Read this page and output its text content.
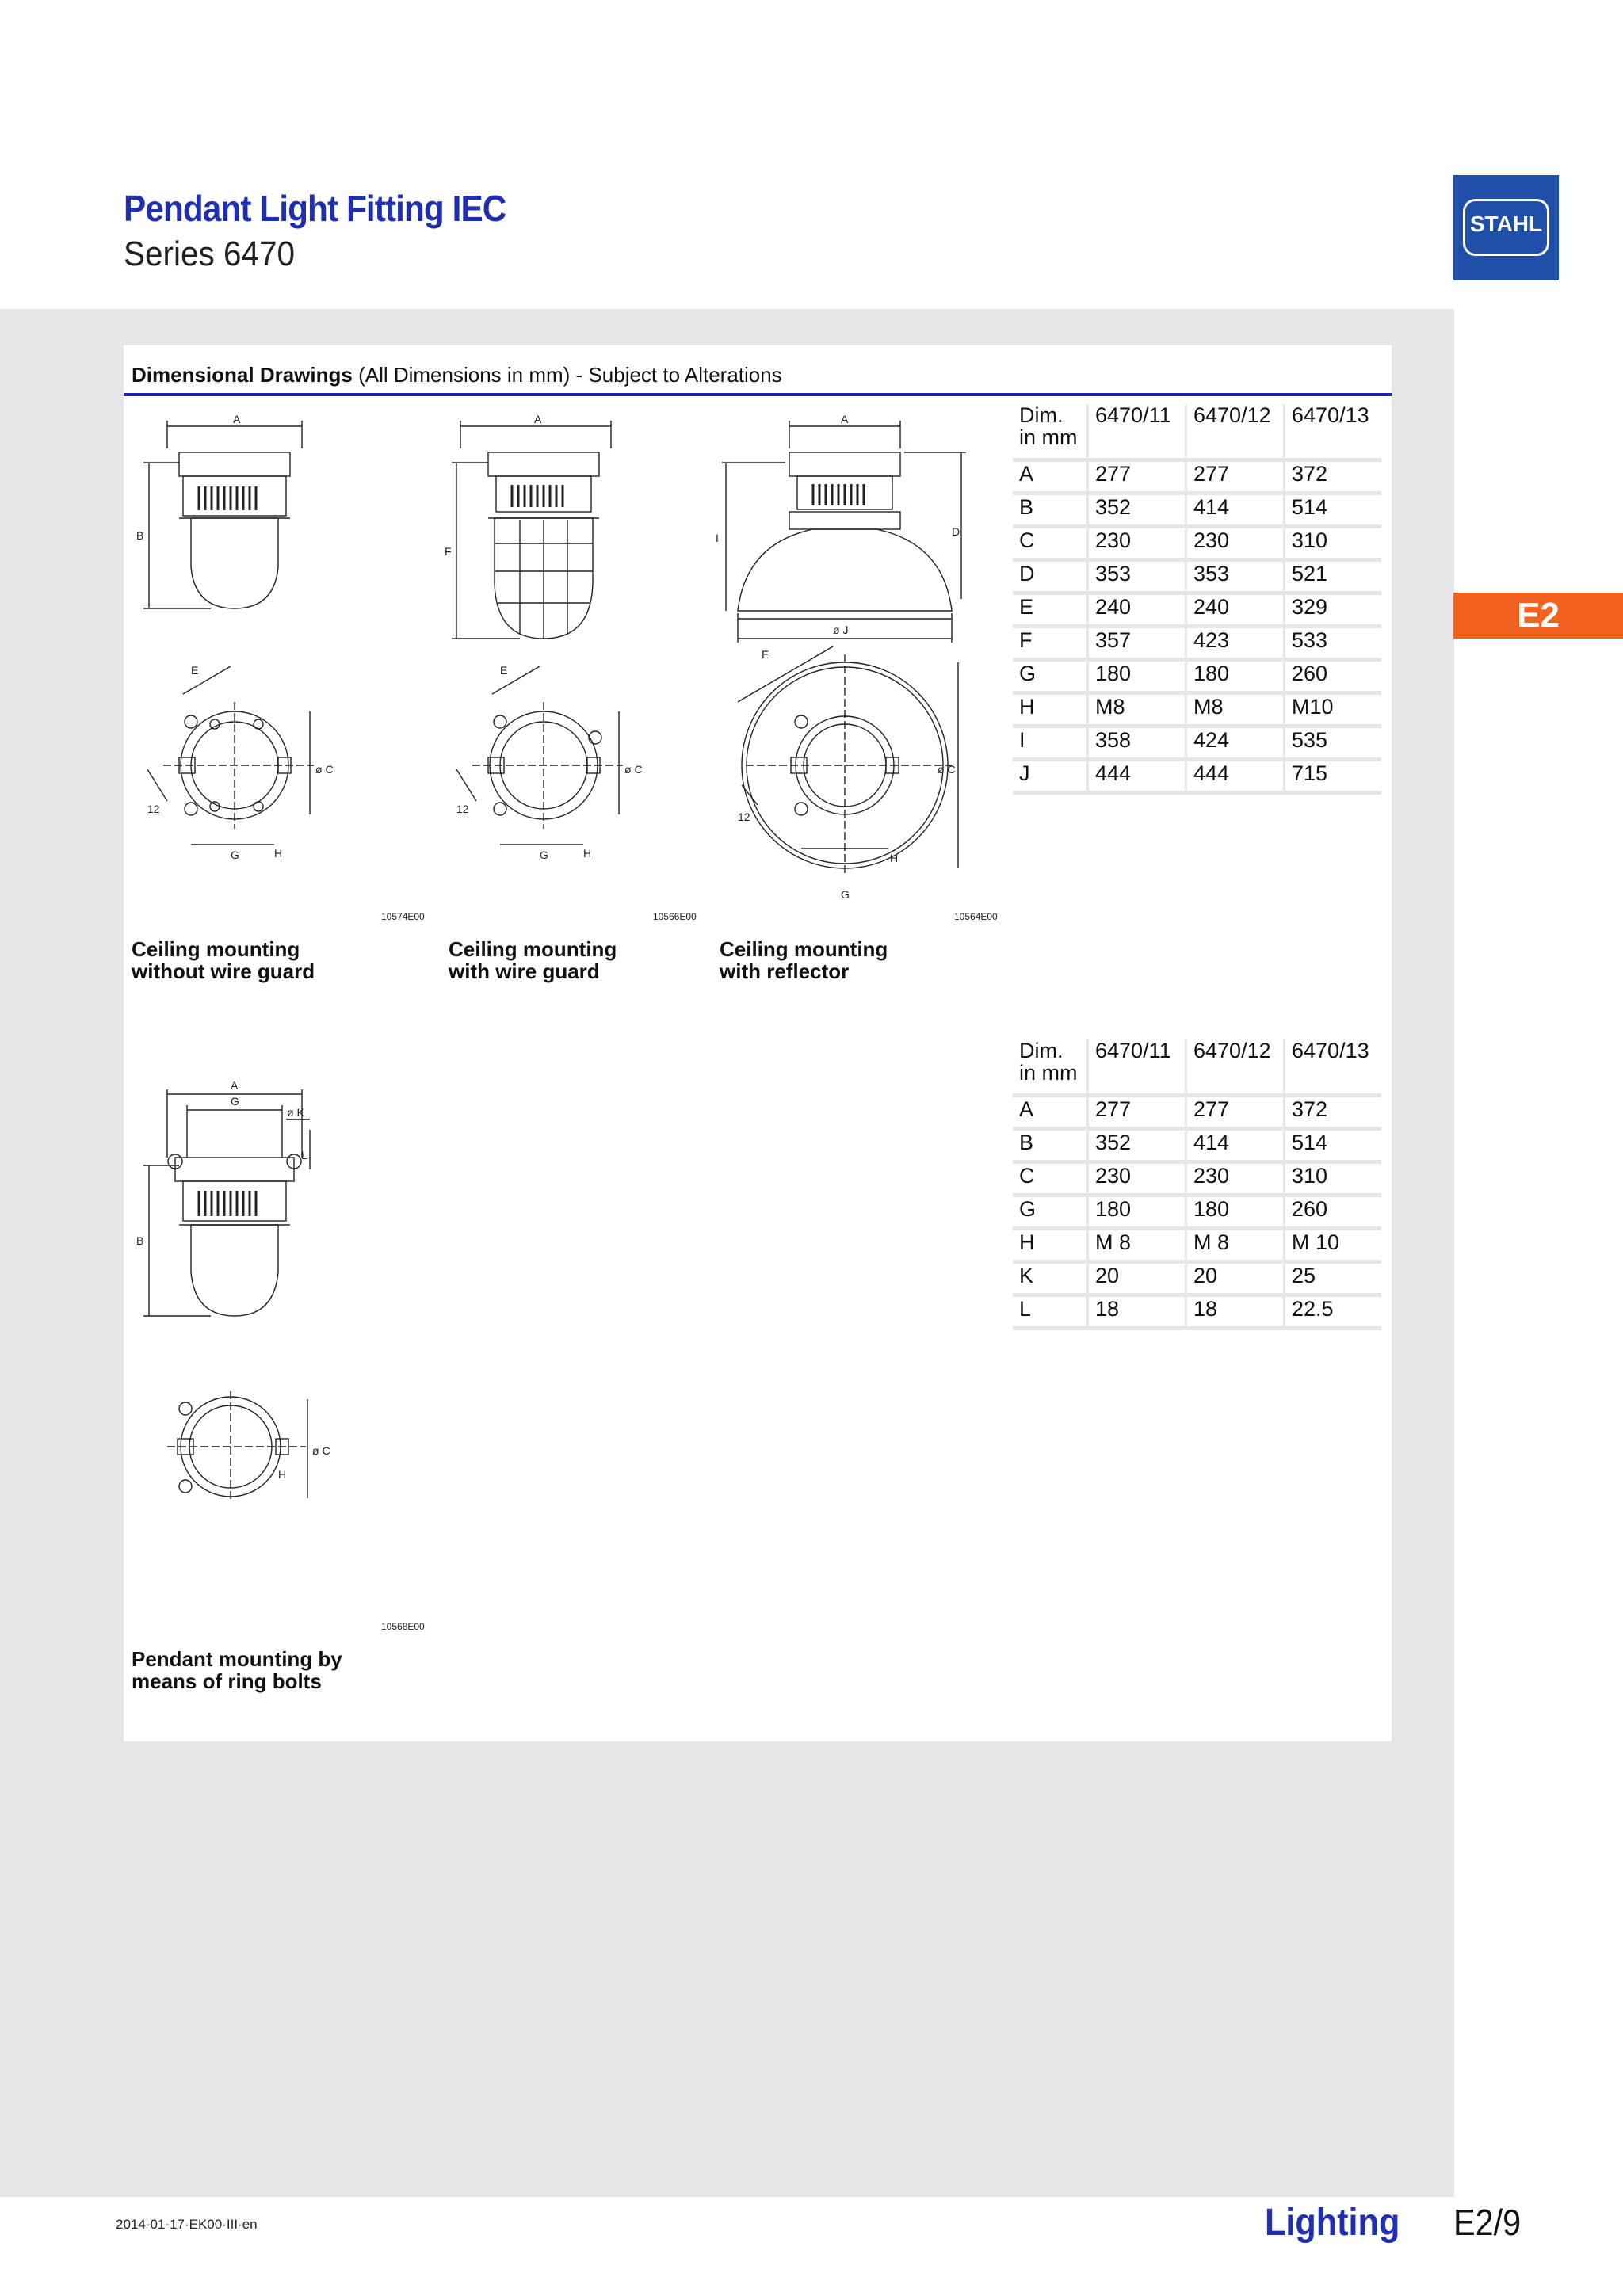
Pendant Light Fitting IEC
Series 6470
STAHL
E2
Dimensional Drawings (All Dimensions in mm) - Subject to Alterations
A
B
E
ø C
12
G	H
10574E00
Ceiling mounting
without wire guard
A
F
E
ø C
12
G	H
10566E00
Ceiling mounting
with wire guard
A
I	D
ø J
E
ø C
12
G
H
10564E00
Ceiling mounting
with reflector
A
G
ø K
L
B
ø C
H
10568E00
Pendant mounting by
means of ring bolts
Dim.
in mm	6470/11	6470/12	6470/13
A	277	277	372
B	352	414	514
C	230	230	310
D	353	353	521
E	240	240	329
F	357	423	533
G	180	180	260
H	M8	M8	M10
I	358	424	535
J	444	444	715
Dim.
in mm	6470/11	6470/12	6470/13
A	277	277	372
B	352	414	514
C	230	230	310
G	180	180	260
H	M 8	M 8	M 10
K	20	20	25
L	18	18	22.5
2014-01-17·EK00·III·en	Lighting E2/9
